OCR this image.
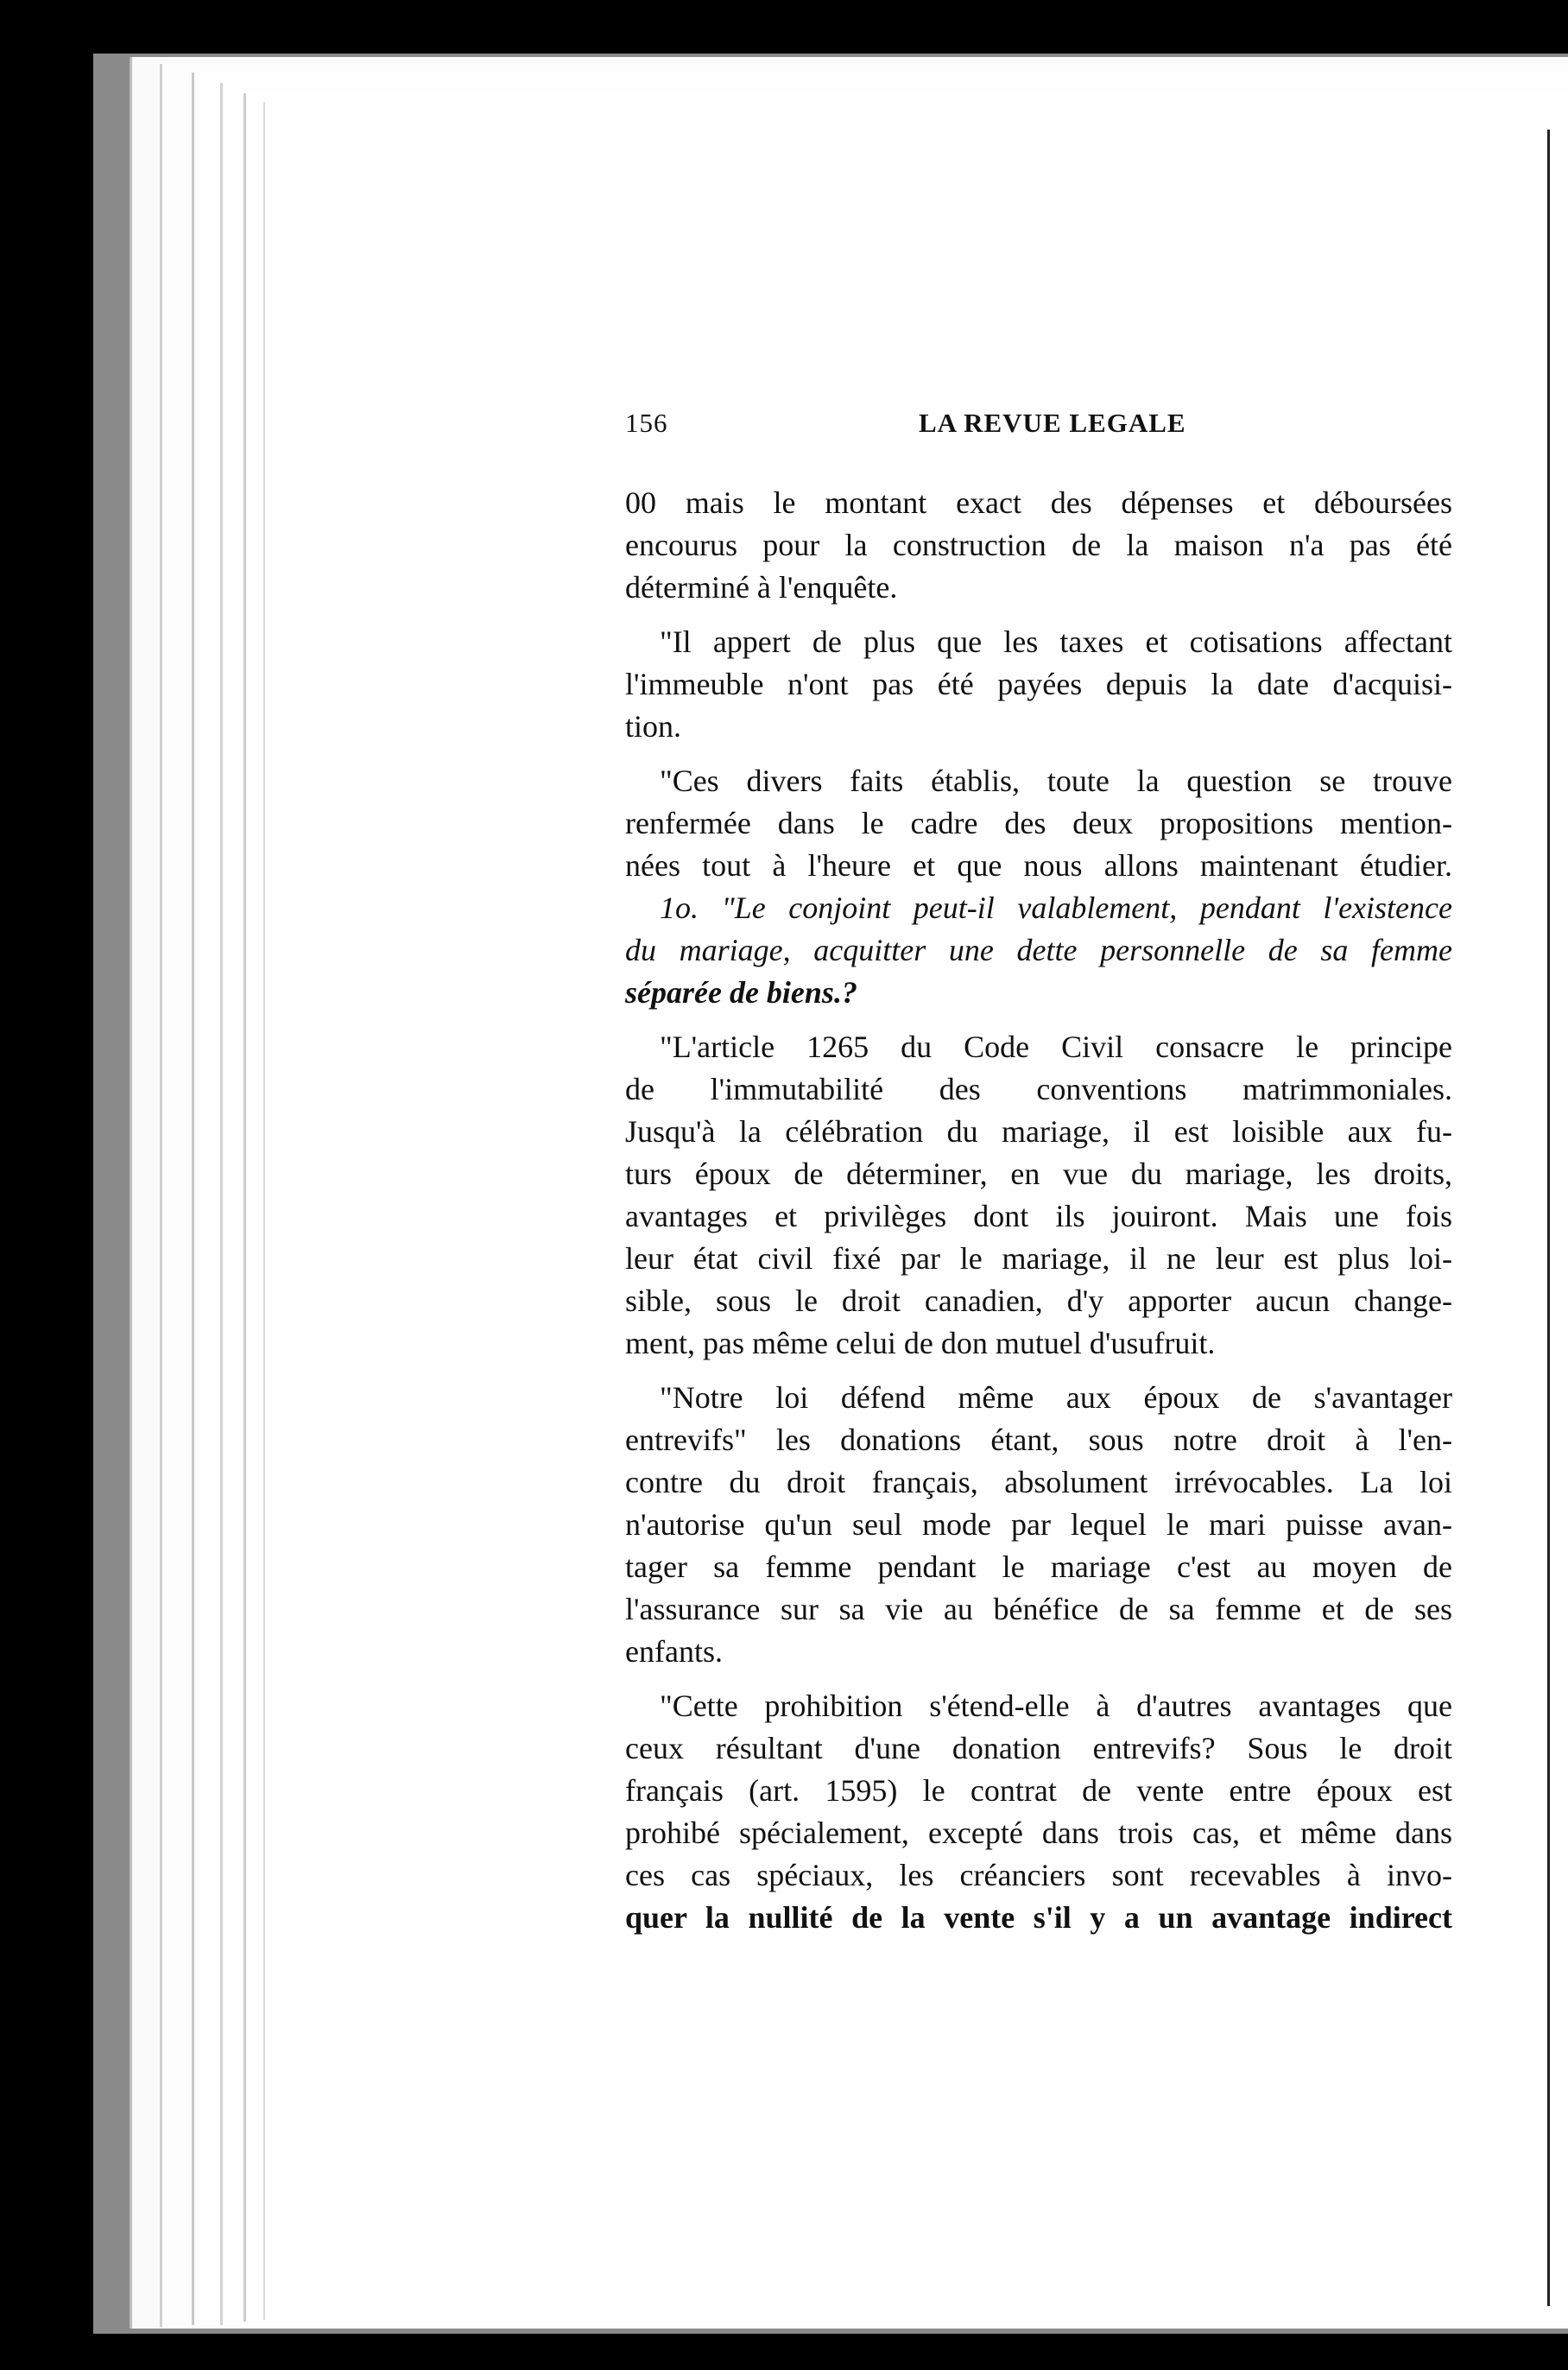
156	LA REVUE LEGALE
00 mais le montant exact des dépenses et déboursées
encourus pour la construction de la maison n'a pas été
déterminé à l'enquête.
"Il appert de plus que les taxes et cotisations affectant
l'immeuble n'ont pas été payées depuis la date d'acquisi-
tion.
"Ces divers faits établis, toute la question se trouve
renfermée dans le cadre des deux propositions mention-
nées tout à l'heure et que nous allons maintenant étudier.
1o. "Le conjoint peut-il valablement, pendant l'existence
du mariage, acquitter une dette personnelle de sa femme
séparée de biens.?
"L'article 1265 du Code Civil consacre le principe
de l'immutabilité des conventions matrimmoniales.
Jusqu'à la célébration du mariage, il est loisible aux fu-
turs époux de déterminer, en vue du mariage, les droits,
avantages et privilèges dont ils jouiront. Mais une fois
leur état civil fixé par le mariage, il ne leur est plus loi-
sible, sous le droit canadien, d'y apporter aucun change-
ment, pas même celui de don mutuel d'usufruit.
"Notre loi défend même aux époux de s'avantager
entrevifs" les donations étant, sous notre droit à l'en-
contre du droit français, absolument irrévocables. La loi
n'autorise qu'un seul mode par lequel le mari puisse avan-
tager sa femme pendant le mariage c'est au moyen de
l'assurance sur sa vie au bénéfice de sa femme et de ses
enfants.
"Cette prohibition s'étend-elle à d'autres avantages que
ceux résultant d'une donation entrevifs? Sous le droit
français (art. 1595) le contrat de vente entre époux est
prohibé spécialement, excepté dans trois cas, et même dans
ces cas spéciaux, les créanciers sont recevables à invo-
quer la nullité de la vente s'il y a un avantage indirect
